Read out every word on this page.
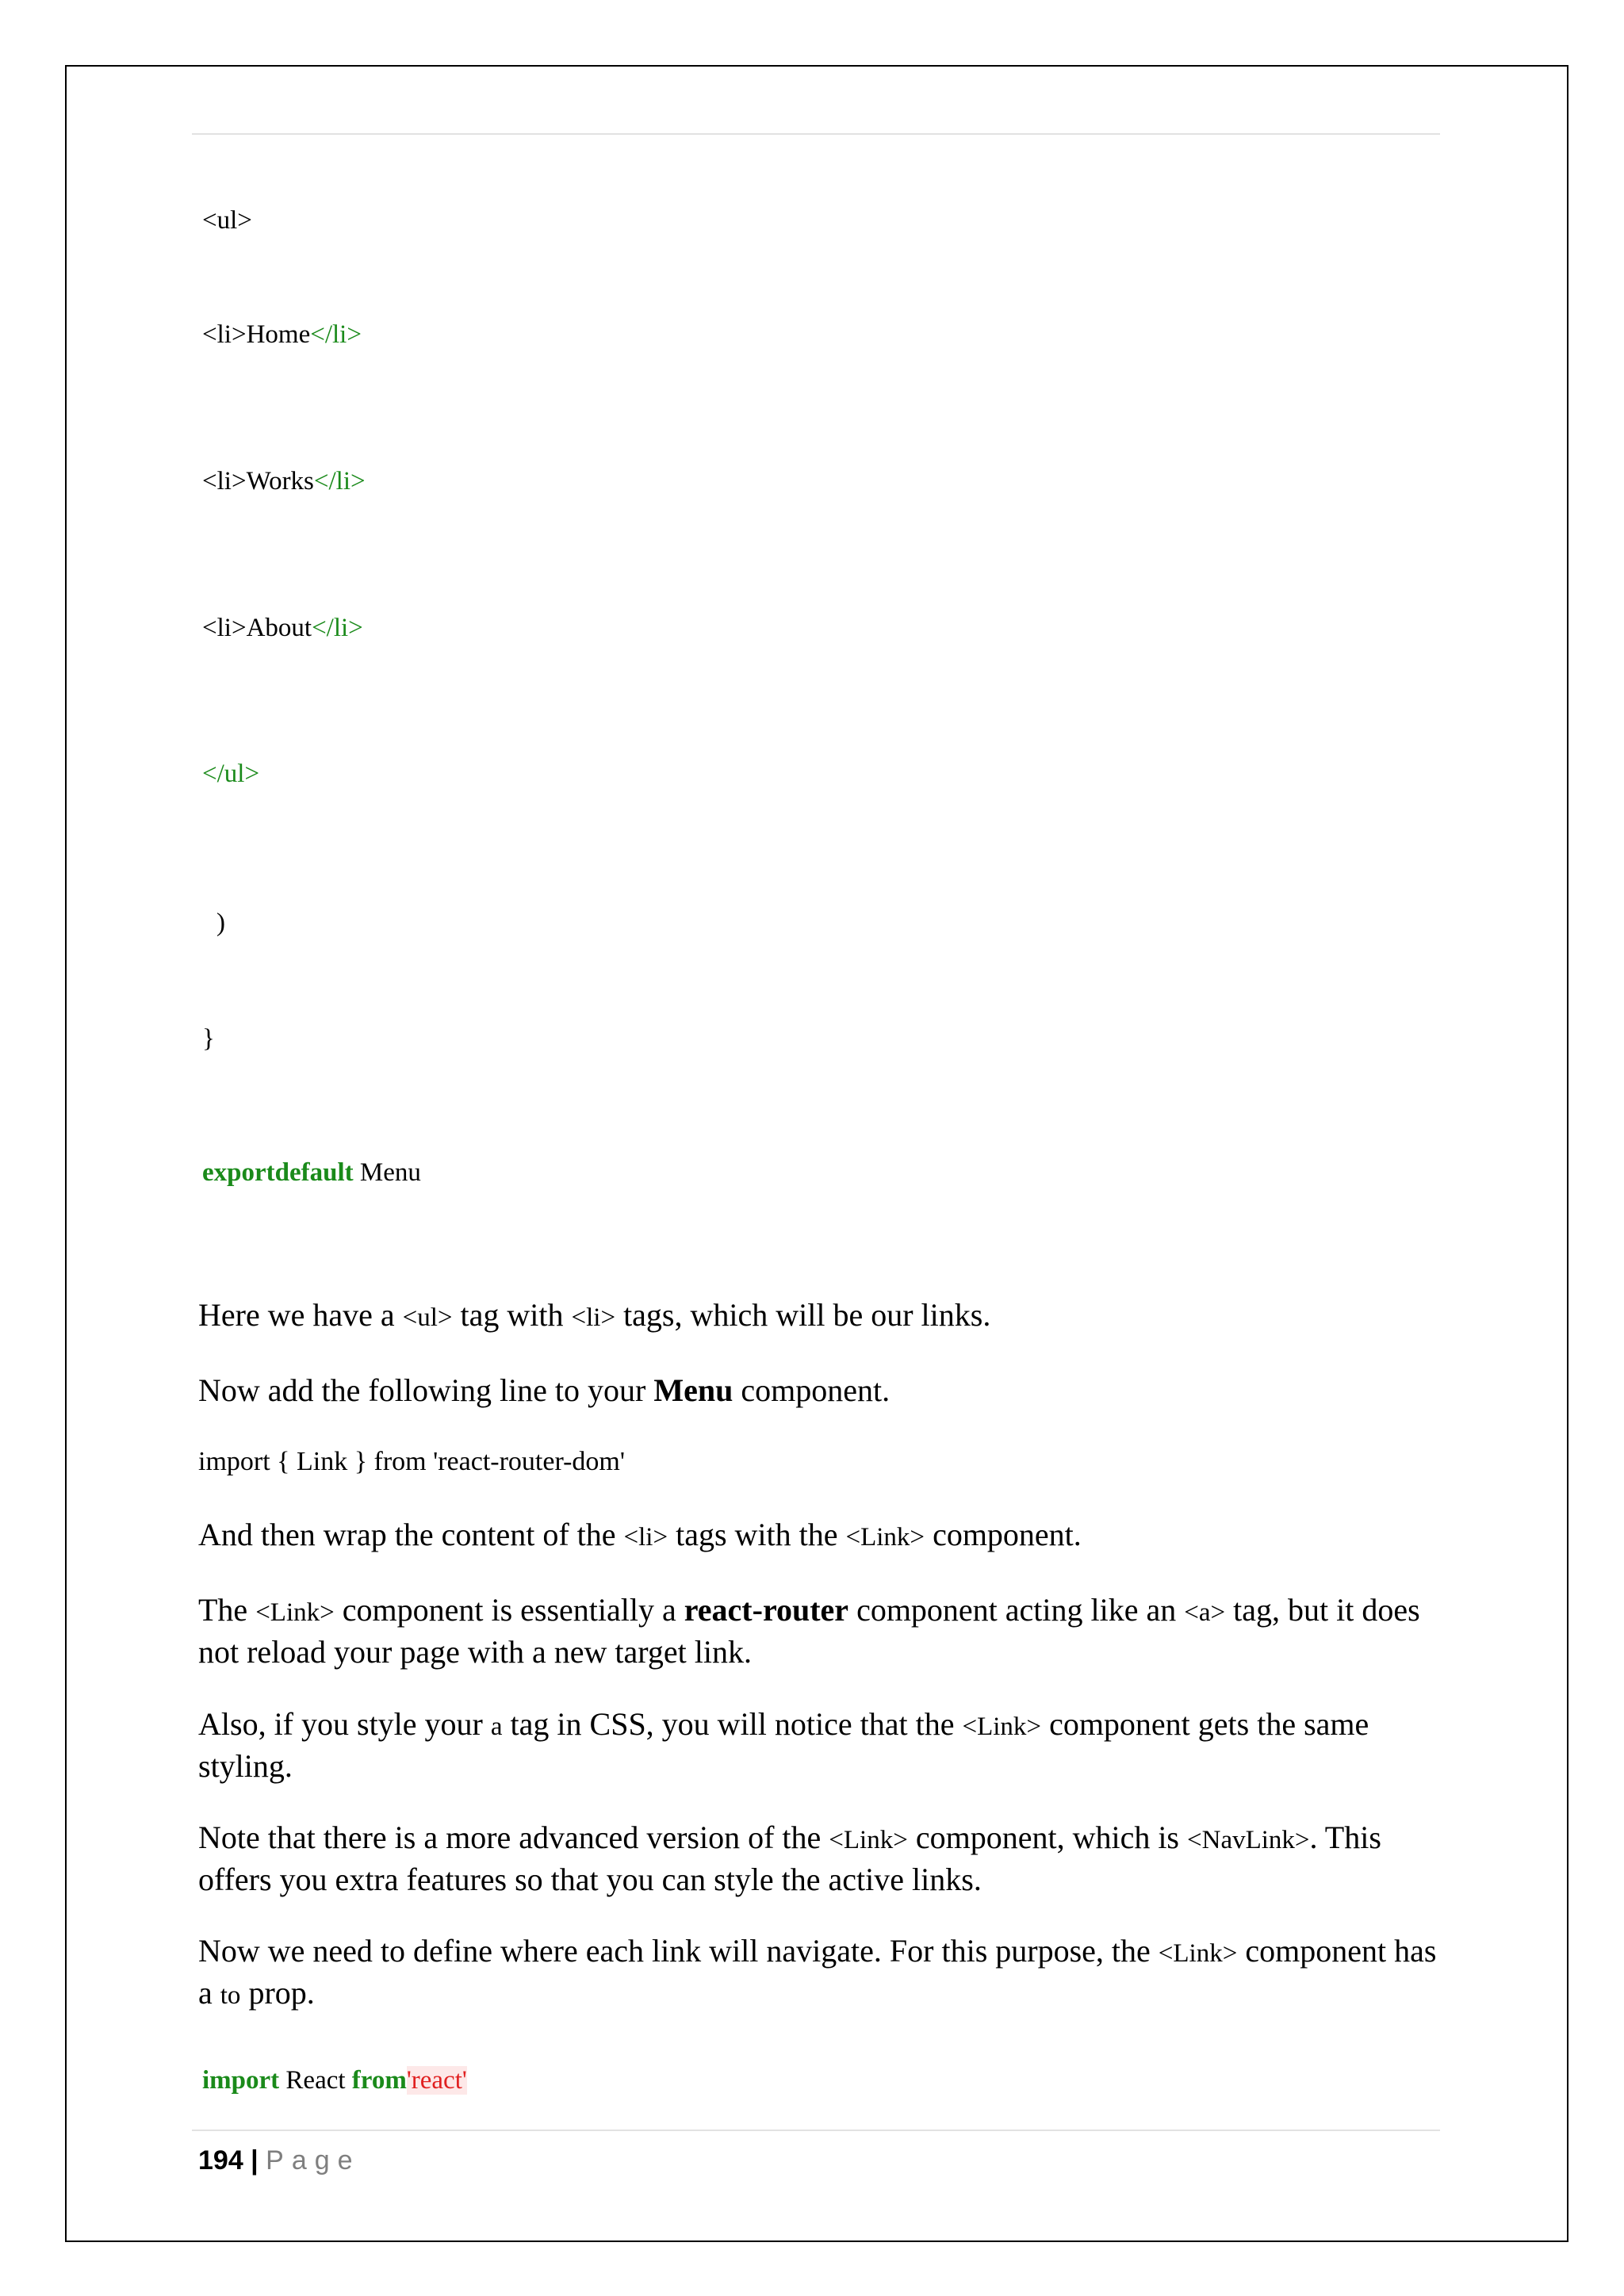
<ul>
<li>Home</li>
<li>Works</li>
<li>About</li>
</ul>
)
}
exportdefault Menu
Here we have a <ul> tag with <li> tags, which will be our links.
Now add the following line to your Menu component.
import { Link } from 'react-router-dom'
And then wrap the content of the <li> tags with the <Link> component.
The <Link> component is essentially a react-router component acting like an <a> tag, but it does not reload your page with a new target link.
Also, if you style your a tag in CSS, you will notice that the <Link> component gets the same styling.
Note that there is a more advanced version of the <Link> component, which is <NavLink>. This offers you extra features so that you can style the active links.
Now we need to define where each link will navigate. For this purpose, the <Link> component has a to prop.
import React from'react'
194 | Page
